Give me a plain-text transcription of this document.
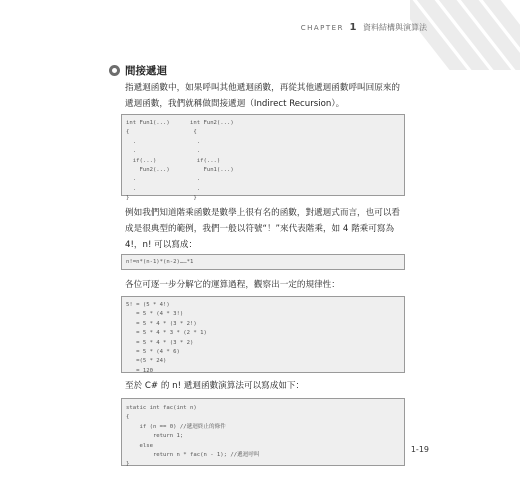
CHAPTER 1 資料結構與演算法
間接遞迴

指遞迴函數中，如果呼叫其他遞迴函數，再從其他遞迴函數呼叫回原來的遞迴函數，我們就稱做間接遞迴（Indirect Recursion）。

int Fun1(...)      int Fun2(...)
{                   {
.                  .
.                  .
if(...)            if(...)
Fun2(...)          Fun1(...)
.                  .
.                  .
}                   }

例如我們知道階乘函數是數學上很有名的函數，對遞迴式而言，也可以看成是很典型的範例，我們一般以符號“！”來代表階乘，如 4 階乘可寫為 4!，n! 可以寫成：

n!=n*(n-1)*(n-2)……*1

各位可逐一步分解它的運算過程，觀察出一定的規律性：

5! = (5 * 4!)
= 5 * (4 * 3!)
= 5 * 4 * (3 * 2!)
= 5 * 4 * 3 * (2 * 1)
= 5 * 4 * (3 * 2)
= 5 * (4 * 6)
=(5 * 24)
= 120

至於 C# 的 n! 遞迴函數演算法可以寫成如下：

static int fac(int n)
{
if (n == 0) //遞迴終止的條件
return 1;
else
return n * fac(n - 1); //遞迴呼叫
}
1-19
